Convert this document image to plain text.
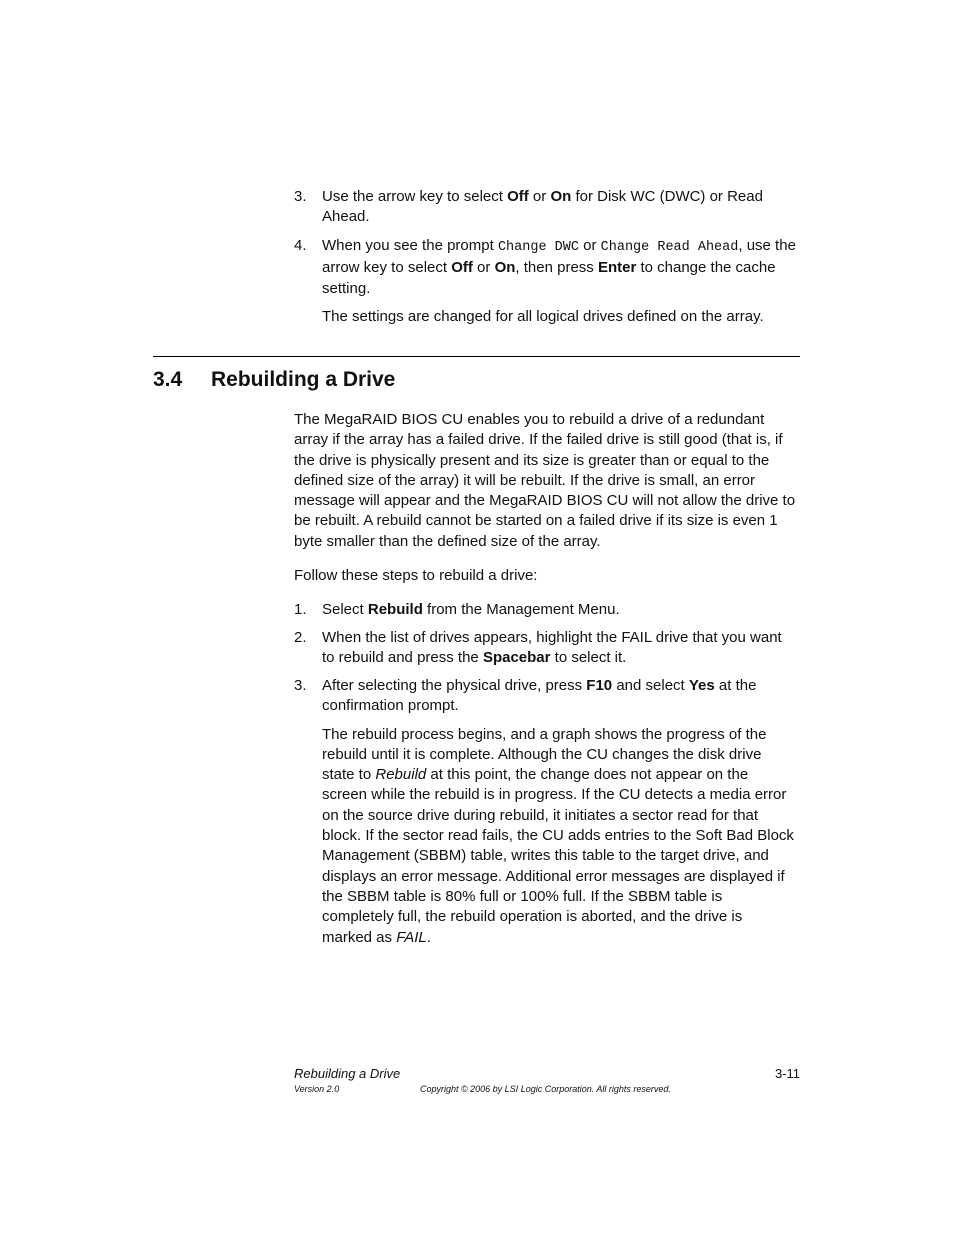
3.	Use the arrow key to select Off or On for Disk WC (DWC) or Read Ahead.

4.	When you see the prompt Change DWC or Change Read Ahead, use the arrow key to select Off or On, then press Enter to change the cache setting.

The settings are changed for all logical drives defined on the array.

3.4 Rebuilding a Drive

The MegaRAID BIOS CU enables you to rebuild a drive of a redundant array if the array has a failed drive. If the failed drive is still good (that is, if the drive is physically present and its size is greater than or equal to the defined size of the array) it will be rebuilt. If the drive is small, an error message will appear and the MegaRAID BIOS CU will not allow the drive to be rebuilt. A rebuild cannot be started on a failed drive if its size is even 1 byte smaller than the defined size of the array.

Follow these steps to rebuild a drive:

1.	Select Rebuild from the Management Menu.

2.	When the list of drives appears, highlight the FAIL drive that you want to rebuild and press the Spacebar to select it.

3.	After selecting the physical drive, press F10 and select Yes at the confirmation prompt.

The rebuild process begins, and a graph shows the progress of the rebuild until it is complete. Although the CU changes the disk drive state to Rebuild at this point, the change does not appear on the screen while the rebuild is in progress. If the CU detects a media error on the source drive during rebuild, it initiates a sector read for that block. If the sector read fails, the CU adds entries to the Soft Bad Block Management (SBBM) table, writes this table to the target drive, and displays an error message. Additional error messages are displayed if the SBBM table is 80% full or 100% full. If the SBBM table is completely full, the rebuild operation is aborted, and the drive is marked as FAIL.

Rebuilding a Drive	3-11
Version 2.0	Copyright © 2006 by LSI Logic Corporation. All rights reserved.
